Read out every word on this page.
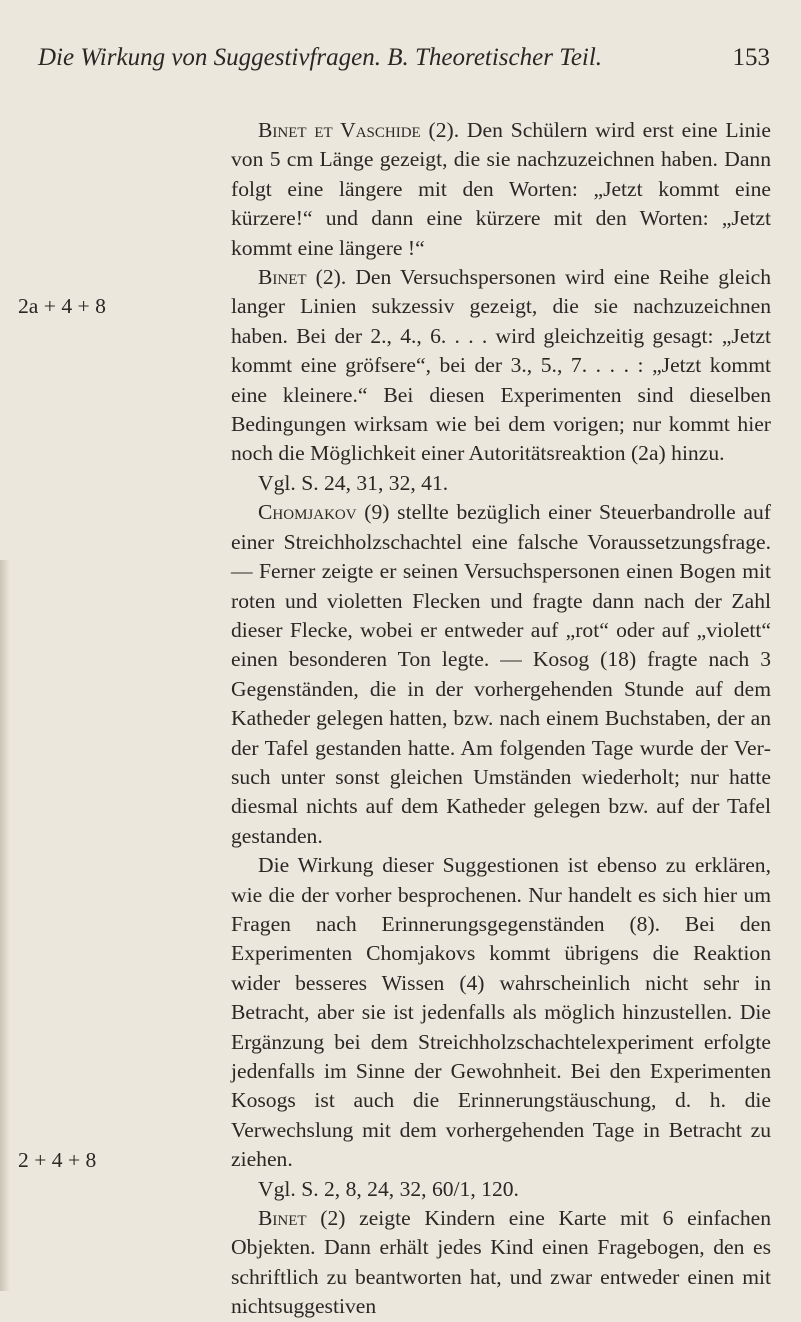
Die Wirkung von Suggestivfragen. B. Theoretischer Teil.	153
2a + 4 + 8
2 + 4 + 8

Binet et Vaschide (2). Den Schülern wird erst eine Linie von 5 cm Länge gezeigt, die sie nachzuzeichnen haben. Dann folgt eine längere mit den Worten: „Jetzt kommt eine kürzere!“ und dann eine kürzere mit den Worten: „Jetzt kommt eine längere !“

Binet (2). Den Versuchspersonen wird eine Reihe gleich langer Linien sukzessiv gezeigt, die sie nachzuzeichnen haben. Bei der 2., 4., 6. . . . wird gleichzeitig gesagt: „Jetzt kommt eine gröfsere“, bei der 3., 5., 7. . . . : „Jetzt kommt eine kleinere.“ Bei diesen Experimenten sind dieselben Bedingungen wirksam wie bei dem vorigen; nur kommt hier noch die Möglichkeit einer Autoritätsreaktion (2a) hinzu.

Vgl. S. 24, 31, 32, 41.

Chomjakov (9) stellte bezüglich einer Steuerbandrolle auf einer Streichholzschachtel eine falsche Voraussetzungsfrage. — Ferner zeigte er seinen Versuchspersonen einen Bogen mit roten und violetten Flecken und fragte dann nach der Zahl dieser Flecke, wobei er entweder auf „rot“ oder auf „violett“ einen besonderen Ton legte. — Kosog (18) fragte nach 3 Gegenständen, die in der vorhergehenden Stunde auf dem Katheder gelegen hatten, bzw. nach einem Buchstaben, der an der Tafel gestanden hatte. Am folgenden Tage wurde der Versuch unter sonst gleichen Umständen wiederholt; nur hatte diesmal nichts auf dem Katheder gelegen bzw. auf der Tafel gestanden.

Die Wirkung dieser Suggestionen ist ebenso zu erklären, wie die der vorher besprochenen. Nur handelt es sich hier um Fragen nach Erinnerungsgegenständen (8). Bei den Experimenten Chomjakovs kommt übrigens die Reaktion wider besseres Wissen (4) wahrscheinlich nicht sehr in Betracht, aber sie ist jedenfalls als möglich hinzustellen. Die Ergänzung bei dem Streichholzschachtelexperiment erfolgte jedenfalls im Sinne der Gewohnheit. Bei den Experimenten Kosogs ist auch die Erinnerungstäuschung, d. h. die Verwechslung mit dem vorhergehenden Tage in Betracht zu ziehen.

Vgl. S. 2, 8, 24, 32, 60/1, 120.

Binet (2) zeigte Kindern eine Karte mit 6 einfachen Objekten. Dann erhält jedes Kind einen Fragebogen, den es schriftlich zu beantworten hat, und zwar entweder einen mit nichtsuggestiven
